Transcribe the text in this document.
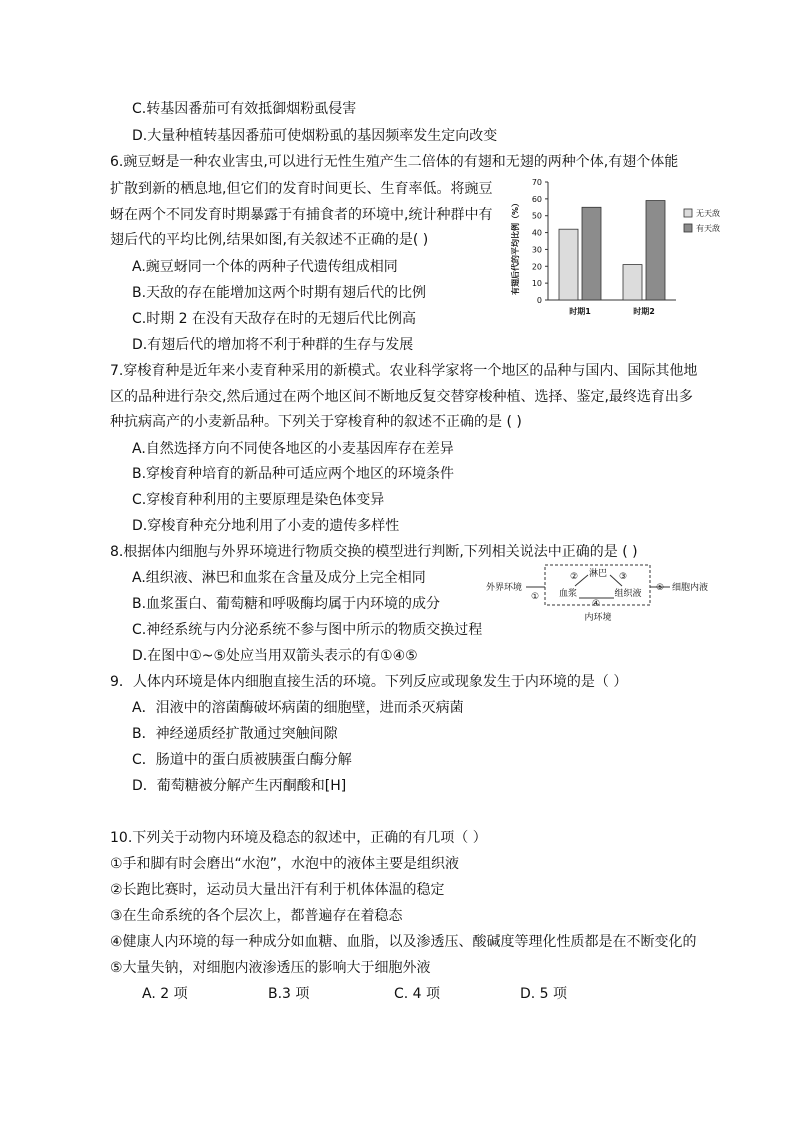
C.转基因番茄可有效抵御烟粉虱侵害
D.大量种植转基因番茄可使烟粉虱的基因频率发生定向改变
6.豌豆蚜是一种农业害虫,可以进行无性生殖产生二倍体的有翅和无翅的两种个体,有翅个体能
扩散到新的栖息地,但它们的发育时间更长、生育率低。将豌豆
蚜在两个不同发育时期暴露于有捕食者的环境中,统计种群中有
翅后代的平均比例,结果如图,有关叙述不正确的是( )
A.豌豆蚜同一个体的两种子代遗传组成相同
B.天敌的存在能增加这两个时期有翅后代的比例
C.时期 2 在没有天敌存在时的无翅后代比例高
D.有翅后代的增加将不利于种群的生存与发展
7.穿梭育种是近年来小麦育种采用的新模式。农业科学家将一个地区的品种与国内、国际其他地
区的品种进行杂交,然后通过在两个地区间不断地反复交替穿梭种植、选择、鉴定,最终选育出多
种抗病高产的小麦新品种。下列关于穿梭育种的叙述不正确的是 ( )
A.自然选择方向不同使各地区的小麦基因库存在差异
B.穿梭育种培育的新品种可适应两个地区的环境条件
C.穿梭育种利用的主要原理是染色体变异
D.穿梭育种充分地利用了小麦的遗传多样性
8.根据体内细胞与外界环境进行物质交换的模型进行判断,下列相关说法中正确的是 ( )
A.组织液、淋巴和血浆在含量及成分上完全相同
B.血浆蛋白、葡萄糖和呼吸酶均属于内环境的成分
C.神经系统与内分泌系统不参与图中所示的物质交换过程
D.在图中①~⑤处应当用双箭头表示的有①④⑤
9．人体内环境是体内细胞直接生活的环境。下列反应或现象发生于内环境的是（ ）
A．泪液中的溶菌酶破坏病菌的细胞壁，进而杀灭病菌
B．神经递质经扩散通过突触间隙
C．肠道中的蛋白质被胰蛋白酶分解
D．葡萄糖被分解产生丙酮酸和[H]
10.下列关于动物内环境及稳态的叙述中，正确的有几项（ ）
①手和脚有时会磨出“水泡”，水泡中的液体主要是组织液
②长跑比赛时，运动员大量出汗有利于机体体温的稳定
③在生命系统的各个层次上，都普遍存在着稳态
④健康人内环境的每一种成分如血糖、血脂，以及渗透压、酸碱度等理化性质都是在不断变化的
⑤大量失钠，对细胞内液渗透压的影响大于细胞外液
A. 2 项	B.3 项	C. 4 项	D. 5 项
有翅后代的平均比例（%）
0
10
20
30
40
50
60
70
时期1	时期2
无天敌
有天敌
外界环境
①
淋巴
血浆	组织液
②	③
④
⑤ 细胞内液
内环境
